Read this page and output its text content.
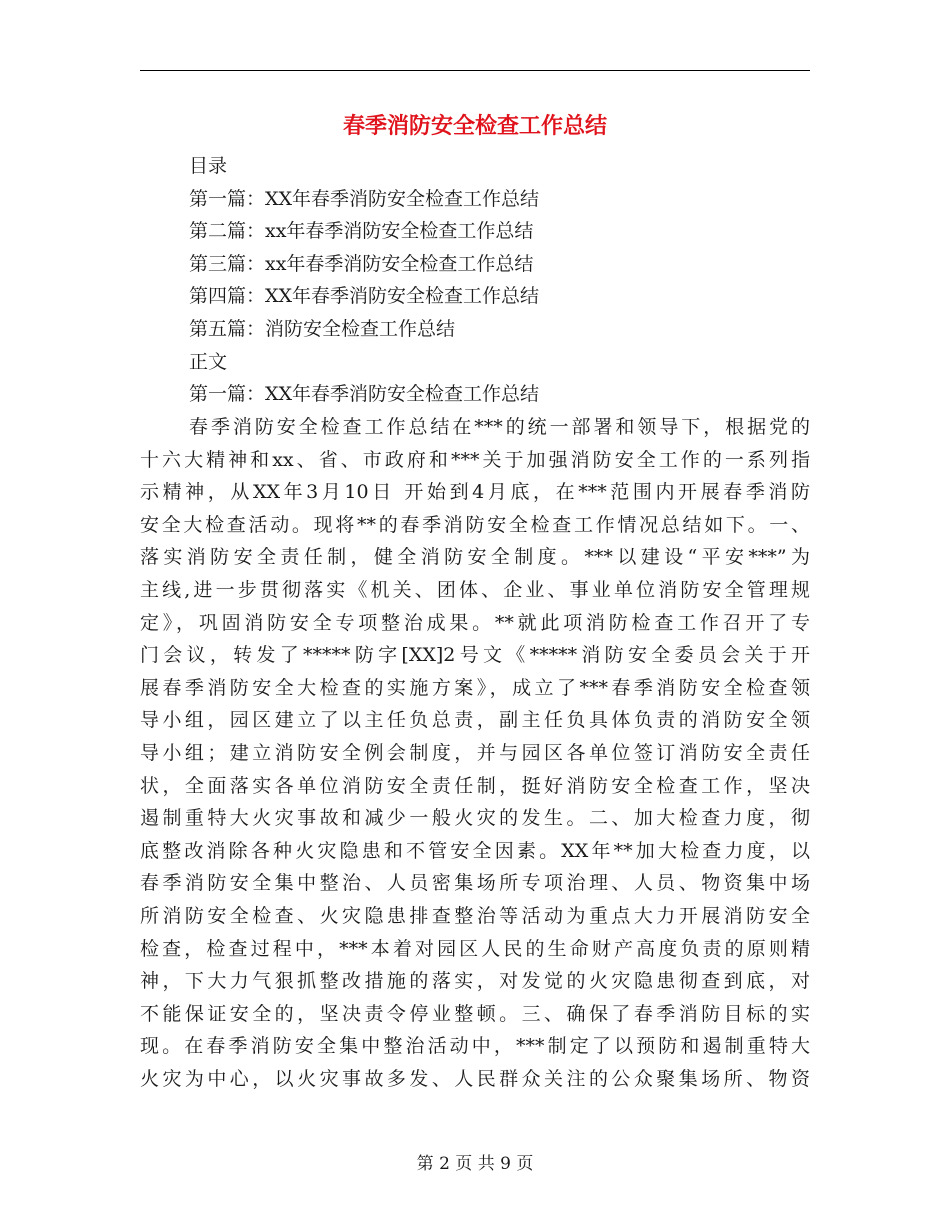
春季消防安全检查工作总结
目录
第一篇：XX年春季消防安全检查工作总结
第二篇：xx年春季消防安全检查工作总结
第三篇：xx年春季消防安全检查工作总结
第四篇：XX年春季消防安全检查工作总结
第五篇：消防安全检查工作总结
正文
第一篇：XX年春季消防安全检查工作总结
春季消防安全检查工作总结在***的统一部署和领导下，根据党的
十六大精神和xx、省、市政府和***关于加强消防安全工作的一系列指
示精神，从XX年3月10日 开始到4月底，在***范围内开展春季消防
安全大检查活动。现将**的春季消防安全检查工作情况总结如下。一、
落实消防安全责任制，健全消防安全制度。***以建设“平安***”为
主线,进一步贯彻落实《机关、团体、企业、事业单位消防安全管理规
定》，巩固消防安全专项整治成果。**就此项消防检查工作召开了专
门会议，转发了*****防字[XX]2号文《*****消防安全委员会关于开
展春季消防安全大检查的实施方案》，成立了***春季消防安全检查领
导小组，园区建立了以主任负总责，副主任负具体负责的消防安全领
导小组；建立消防安全例会制度，并与园区各单位签订消防安全责任
状，全面落实各单位消防安全责任制，挺好消防安全检查工作，坚决
遏制重特大火灾事故和减少一般火灾的发生。二、加大检查力度，彻
底整改消除各种火灾隐患和不管安全因素。XX年**加大检查力度，以
春季消防安全集中整治、人员密集场所专项治理、人员、物资集中场
所消防安全检查、火灾隐患排查整治等活动为重点大力开展消防安全
检查，检查过程中，***本着对园区人民的生命财产高度负责的原则精
神，下大力气狠抓整改措施的落实，对发觉的火灾隐患彻查到底，对
不能保证安全的，坚决责令停业整顿。三、确保了春季消防目标的实
现。在春季消防安全集中整治活动中，***制定了以预防和遏制重特大
火灾为中心，以火灾事故多发、人民群众关注的公众聚集场所、物资
第 2 页 共 9 页
